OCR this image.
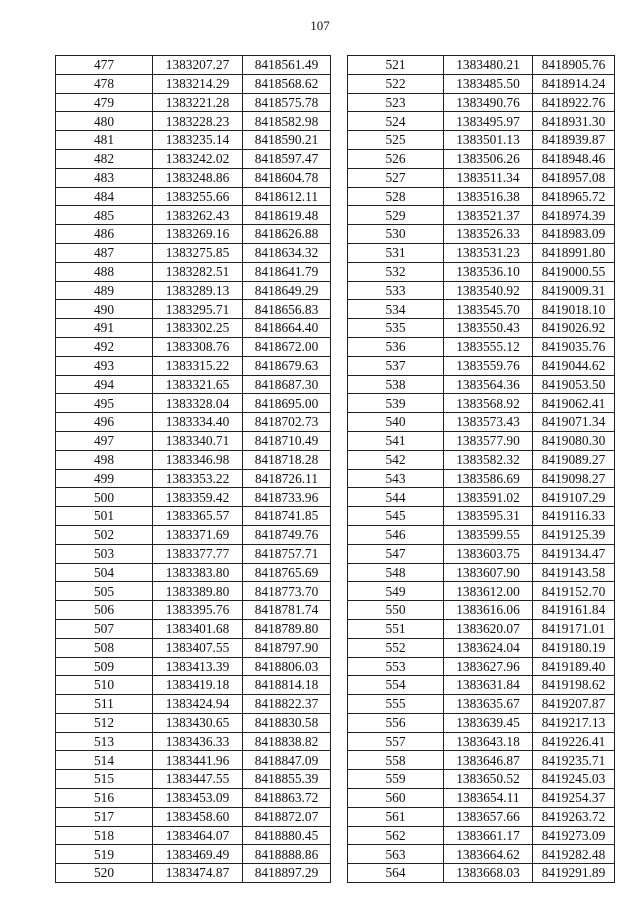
107
477	1383207.27	8418561.49
478	1383214.29	8418568.62
479	1383221.28	8418575.78
480	1383228.23	8418582.98
481	1383235.14	8418590.21
482	1383242.02	8418597.47
483	1383248.86	8418604.78
484	1383255.66	8418612.11
485	1383262.43	8418619.48
486	1383269.16	8418626.88
487	1383275.85	8418634.32
488	1383282.51	8418641.79
489	1383289.13	8418649.29
490	1383295.71	8418656.83
491	1383302.25	8418664.40
492	1383308.76	8418672.00
493	1383315.22	8418679.63
494	1383321.65	8418687.30
495	1383328.04	8418695.00
496	1383334.40	8418702.73
497	1383340.71	8418710.49
498	1383346.98	8418718.28
499	1383353.22	8418726.11
500	1383359.42	8418733.96
501	1383365.57	8418741.85
502	1383371.69	8418749.76
503	1383377.77	8418757.71
504	1383383.80	8418765.69
505	1383389.80	8418773.70
506	1383395.76	8418781.74
507	1383401.68	8418789.80
508	1383407.55	8418797.90
509	1383413.39	8418806.03
510	1383419.18	8418814.18
511	1383424.94	8418822.37
512	1383430.65	8418830.58
513	1383436.33	8418838.82
514	1383441.96	8418847.09
515	1383447.55	8418855.39
516	1383453.09	8418863.72
517	1383458.60	8418872.07
518	1383464.07	8418880.45
519	1383469.49	8418888.86
520	1383474.87	8418897.29
521	1383480.21	8418905.76
522	1383485.50	8418914.24
523	1383490.76	8418922.76
524	1383495.97	8418931.30
525	1383501.13	8418939.87
526	1383506.26	8418948.46
527	1383511.34	8418957.08
528	1383516.38	8418965.72
529	1383521.37	8418974.39
530	1383526.33	8418983.09
531	1383531.23	8418991.80
532	1383536.10	8419000.55
533	1383540.92	8419009.31
534	1383545.70	8419018.10
535	1383550.43	8419026.92
536	1383555.12	8419035.76
537	1383559.76	8419044.62
538	1383564.36	8419053.50
539	1383568.92	8419062.41
540	1383573.43	8419071.34
541	1383577.90	8419080.30
542	1383582.32	8419089.27
543	1383586.69	8419098.27
544	1383591.02	8419107.29
545	1383595.31	8419116.33
546	1383599.55	8419125.39
547	1383603.75	8419134.47
548	1383607.90	8419143.58
549	1383612.00	8419152.70
550	1383616.06	8419161.84
551	1383620.07	8419171.01
552	1383624.04	8419180.19
553	1383627.96	8419189.40
554	1383631.84	8419198.62
555	1383635.67	8419207.87
556	1383639.45	8419217.13
557	1383643.18	8419226.41
558	1383646.87	8419235.71
559	1383650.52	8419245.03
560	1383654.11	8419254.37
561	1383657.66	8419263.72
562	1383661.17	8419273.09
563	1383664.62	8419282.48
564	1383668.03	8419291.89
